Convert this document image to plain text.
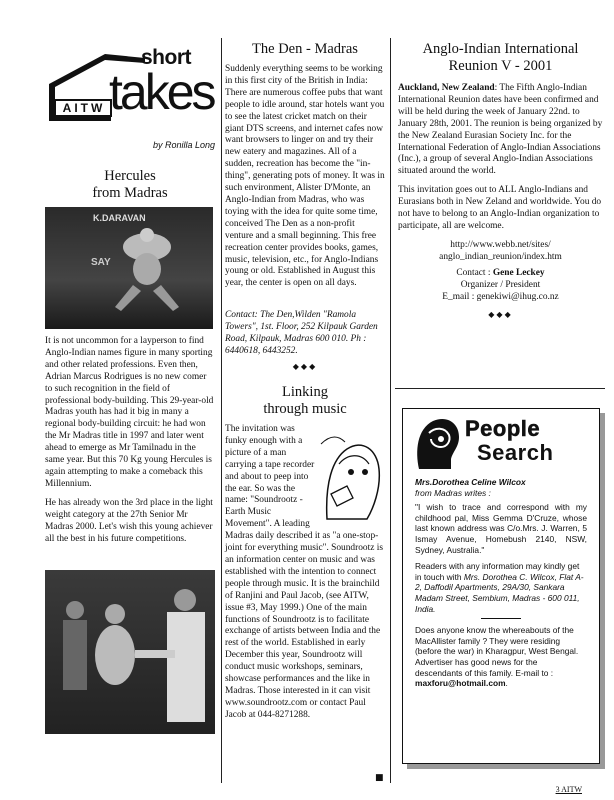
AITW
short
takes
by Ronilla Long
Hercules
from Madras
K.DARAVAN
SAY

It is not uncommon for a layperson to find Anglo-Indian names figure in many sporting and other related professions. Even then, Adrian Marcus Rodrigues is no new comer to such recognition in the field of professional body-building. This 29-year-old Madras youth has had it big in many a regional body-building circuit: he had won the Mr Madras title in 1997 and later went ahead to emerge as Mr Tamilnadu in the same year. But this 70 Kg young Hercules is again attempting to make a comeback this Millennium.

He has already won the 3rd place in the light weight category at the 27th Senior Mr Madras 2000. Let's wish this young achiever all the best in his future competitions.

The Den - Madras
Suddenly everything seems to be working in this first city of the British in India: There are numerous coffee pubs that want people to idle around, star hotels want you to see the latest cricket match on their giant DTS screens, and internet cafes now want browsers to linger on and try their new eatery and magazines. All of a sudden, recreation has become the "in-thing", generating pots of money. It was in such environment, Alister D'Monte, an Anglo-Indian from Madras, who was toying with the idea for quite some time, conceived The Den as a non-profit venture and a small beginning. This free recreation center provides books, games, music, television, etc., for Anglo-Indians young or old. Established in August this year, the center is open on all days.
Contact: The Den,Wilden "Ramola Towers", 1st. Floor, 252 Kilpauk Garden Road, Kilpauk, Madras 600 010. Ph : 6440618, 6443252.
◆◆◆
Linking
through music
The invitation was funky enough with a picture of a man carrying a tape recorder and about to peep into the ear. So was the name: "Soundrootz - Earth Music Movement". A leading Madras daily described it as "a one-stop-joint for everything music". Soundrootz is an information center on music and was established with the intention to connect people through music. It is the brainchild of Ranjini and Paul Jacob, (see AITW, issue #3, May 1999.) One of the main functions of Soundrootz is to facilitate exchange of artists between India and the rest of the world. Established in early December this year, Soundrootz will conduct music workshops, seminars, showcase performances and the like in Madras. Those interested in it can visit www.soundrootz.com or contact Paul Jacob at 044-8271288.
■
Anglo-Indian International
Reunion V - 2001

Auckland, New Zealand: The Fifth Anglo-Indian International Reunion dates have been confirmed and will be held during the week of January 22nd. to January 28th, 2001. The reunion is being organized by the New Zealand Eurasian Society Inc. for the International Federation of Anglo-Indian Associations (Inc.), a group of several Anglo-Indian Associations situated around the world.

This invitation goes out to ALL Anglo-Indians and Eurasians both in New Zeland and worldwide. You do not have to belong to an Anglo-Indian organization to participate, all are welcome.

http://www.webb.net/sites/
anglo_indian_reunion/index.htm
Contact : Gene Leckey
Organizer / President
E_mail : genekiwi@ihug.co.nz
◆◆◆
People
Search
Mrs.Dorothea Celine Wilcox
from Madras writes :

"I wish to trace and correspond with my childhood pal, Miss Gemma D'Cruze, whose last known address was C/o.Mrs. J. Warren, 5 Ismay Avenue, Homebush 2140, NSW, Sydney, Australia."

Readers with any information may kindly get in touch with Mrs. Dorothea C. Wilcox, Flat A-2, Daffodil Apartments, 29A/30, Sankara Madam Street, Sembium, Madras - 600 011, India.

Does anyone know the whereabouts of the MacAllister family ? They were residing (before the war) in Kharagpur, West Bengal. Advertiser has good news for the descendants of this family. E-mail to : maxforu@hotmail.com.

3 AITW
